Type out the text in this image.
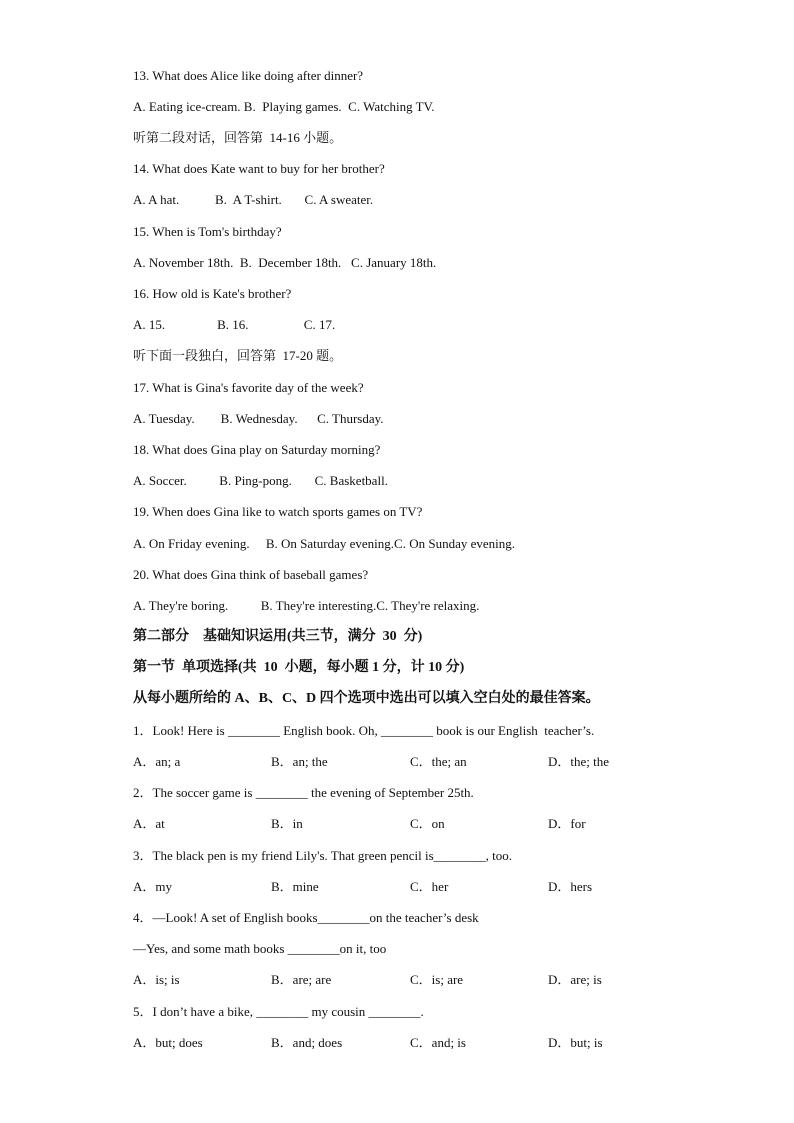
13. What does Alice like doing after dinner?
A. Eating ice-cream. B.  Playing games.  C. Watching TV.
听第二段对话，回答第  14-16 小题。
14. What does Kate want to buy for her brother?
A. A hat.           B.  A T-shirt.       C. A sweater.
15. When is Tom's birthday?
A. November 18th.  B.  December 18th.   C. January 18th.
16. How old is Kate's brother?
A. 15.                B. 16.                 C. 17.
听下面一段独白，回答第  17-20 题。
17. What is Gina's favorite day of the week?
A. Tuesday.        B. Wednesday.      C. Thursday.
18. What does Gina play on Saturday morning?
A. Soccer.          B. Ping-pong.       C. Basketball.
19. When does Gina like to watch sports games on TV?
A. On Friday evening.     B. On Saturday evening.C. On Sunday evening.
20. What does Gina think of baseball games?
A. They're boring.          B. They're interesting.C. They're relaxing.
第二部分    基础知识运用(共三节，满分  30  分)
第一节  单项选择(共  10  小题，每小题 1 分，计 10 分)
从每小题所给的 A、B、C、D 四个选项中选出可以填入空白处的最佳答案。
1．Look! Here is ________ English book. Oh, ________ book is our English  teacher’s.
A．an; a	B．an; the	C．the; an	D．the; the
2．The soccer game is ________ the evening of September 25th.
A．at	B．in	C．on	D．for
3．The black pen is my friend Lily's. That green pencil is________, too.
A．my	B．mine	C．her	D．hers
4．—Look! A set of English books________on the teacher’s desk
—Yes, and some math books ________on it, too
A．is; is	B．are; are	C．is; are	D．are; is
5．I don’t have a bike, ________ my cousin ________.
A．but; does	B．and; does	C．and; is	D．but; is
